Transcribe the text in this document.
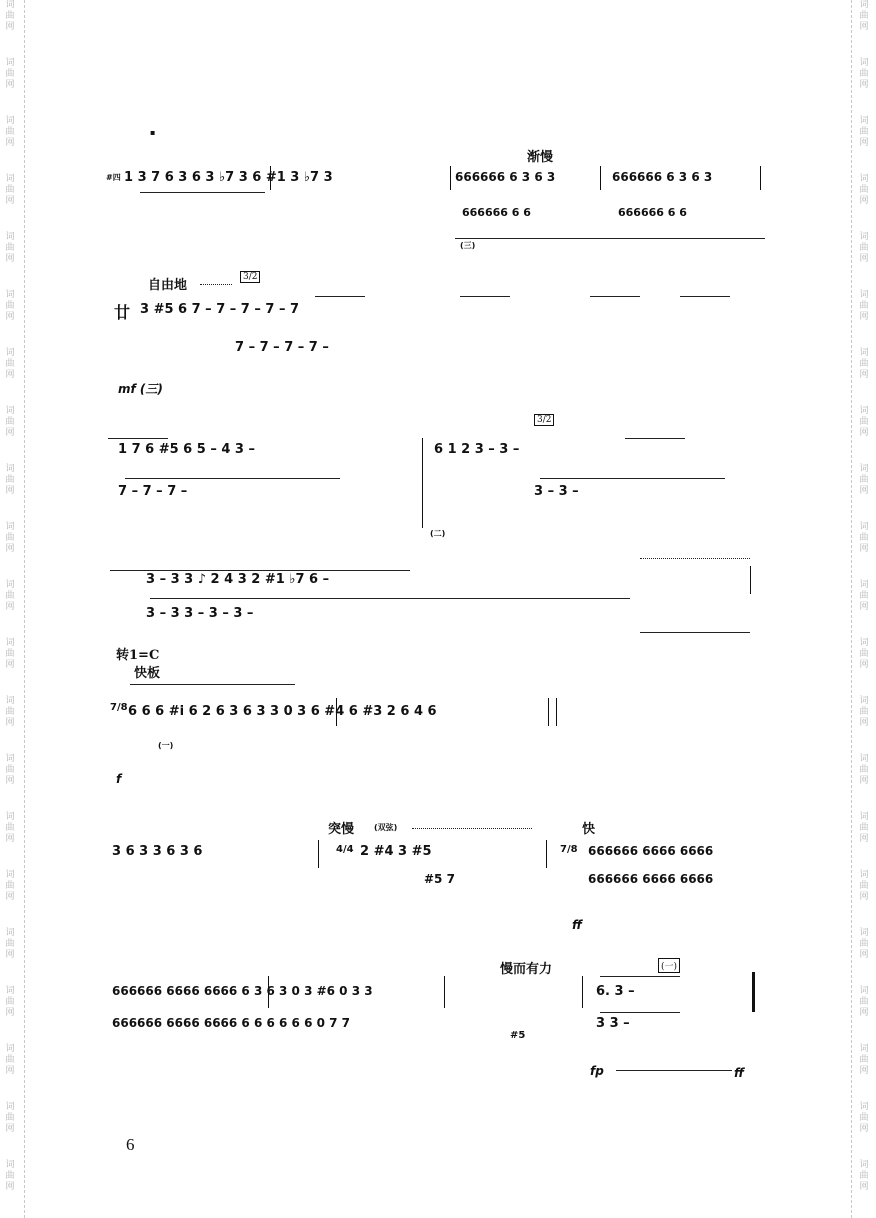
词
曲
网
词
曲
网
词
曲
网
词
曲
网
词
曲
网
词
曲
网
词
曲
网
词
曲
网
词
曲
网
词
曲
网
词
曲
网
词
曲
网
词
曲
网
词
曲
网
词
曲
网
词
曲
网
词
曲
网
词
曲
网
词
曲
网
词
曲
网
词
曲
网
词
曲
网
词
曲
网
词
曲
网
词
曲
网
词
曲
网
词
曲
网
词
曲
网
词
曲
网
词
曲
网
词
曲
网
词
曲
网
词
曲
网
词
曲
网
词
曲
网
词
曲
网
词
曲
网
词
曲
网
词
曲
网
词
曲
网
词
曲
网
词
曲
网
▪
渐慢
#四 1 3 7 6 3 6 3 ♭7 3 6 #1 3 ♭7 3	666666 6 3 6 3	666666 6 3 6 3
666666 6 6	666666 6 6
(三)
自由地
3/2
廿 3 #5 6 7 – 7 – 7 – 7 – 7
7 – 7 – 7 – 7 –
mf (三)
1 7 6 #5 6 5 – 4 3 –	6 1 2 3 – 3 –
3/2
7 – 7 – 7 –	3 – 3 –
(二)
3 – 3 3 ♪ 2 4 3 2 #1 ♭7 6 –
3 – 3 3 – 3 – 3 –
转1=C
快板
7/8 6 6 6 #i 6 2 6 3 6 3 3 0 3 6 #4 6 #3 2 6 4 6
(一)
f
3 6 3 3 6 3 6
突慢 (双弦)
4/4 2 #4 3 #5
#5 7
快
7/8 666666 6666 6666
666666 6666 6666
ff
慢而有力	(一)
666666 6666 6666 6 3 6 3 0 3 #6 0 3 3	6. 3 –
666666 6666 6666 6 6 6 6 6 6 0 7 7
#5
3 3 –
fp	ff
6
